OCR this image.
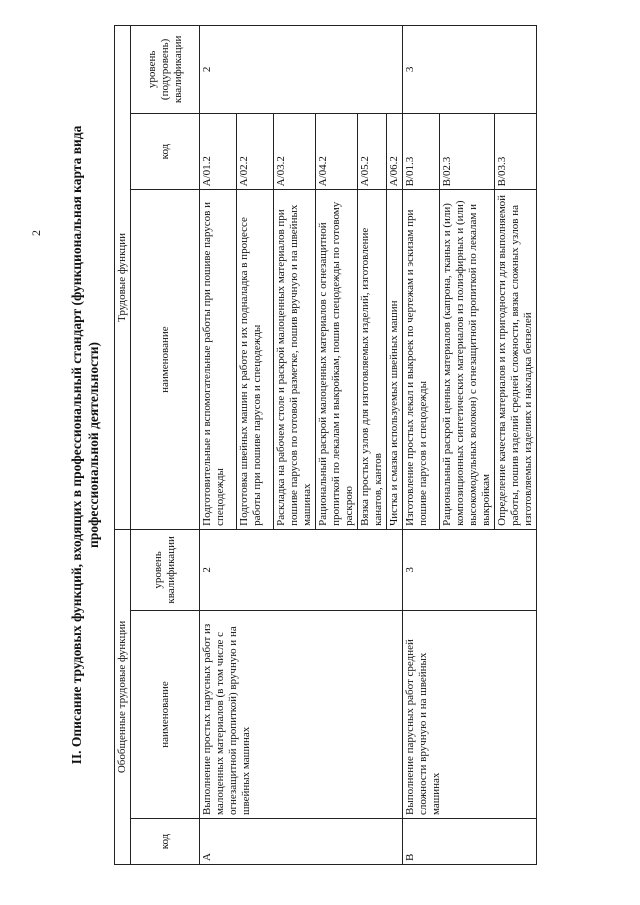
2 II. Описание трудовых функций, входящих в профессиональный стандарт (функциональная карта вида профессиональной деятельности)
Обобщенные трудовые функции			Трудовые функции		
код	наименование	уровень квалификации	наименование	код	уровень (подуровень) квалификации
A	Выполнение простых парусных работ из малоценных материалов (в том числе с огнезащитной пропиткой) вручную и на швейных машинах	2	Подготовительные и вспомогательные работы при пошиве парусов и спецодежды	A/01.2	2
			Подготовка швейных машин к работе и их подналадка в процессе работы при пошиве парусов и спецодежды	A/02.2	
			Раскладка на рабочем столе и раскрой малоценных материалов при пошиве парусов по готовой разметке, пошив вручную и на швейных машинах	A/03.2	
			Рациональный раскрой малоценных материалов с огнезащитной пропиткой по лекалам и выкройкам, пошив спецодежды по готовому раскрою	A/04.2	
			Вязка простых узлов для изготовляемых изделий, изготовление канатов, кантов	A/05.2	
			Чистка и смазка используемых швейных машин	A/06.2	
B	Выполнение парусных работ средней сложности вручную и на швейных машинах	3	Изготовление простых лекал и выкроек по чертежам и эскизам при пошиве парусов и спецодежды	B/01.3	3
			Рациональный раскрой ценных материалов (капрона, тканых и (или) композиционных синтетических материалов из полиэфирных и (или) высокомодульных волокон) с огнезащитной пропиткой по лекалам и выкройкам	B/02.3	
			Определение качества материалов и их пригодности для выполняемой работы, пошив изделий средней сложности, вязка сложных узлов на изготовляемых изделиях и накладка бензелей	B/03.3	
